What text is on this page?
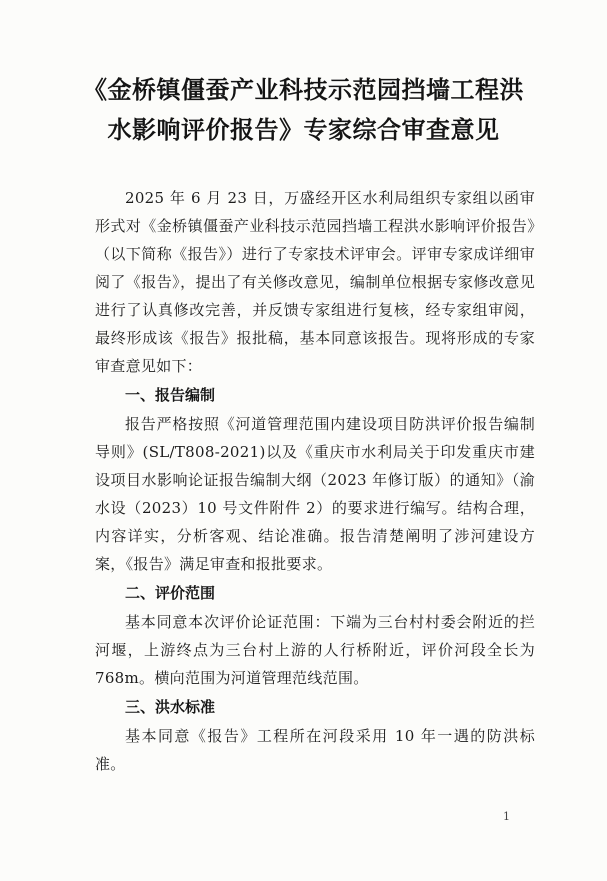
《金桥镇僵蚕产业科技示范园挡墙工程洪
水影响评价报告》专家综合审查意见

2025 年 6 月 23 日，万盛经开区水利局组织专家组以函审形式对《金桥镇僵蚕产业科技示范园挡墙工程洪水影响评价报告》（以下简称《报告》）进行了专家技术评审会。评审专家成详细审阅了《报告》，提出了有关修改意见，编制单位根据专家修改意见进行了认真修改完善，并反馈专家组进行复核，经专家组审阅，最终形成该《报告》报批稿，基本同意该报告。现将形成的专家审查意见如下：

一、报告编制

报告严格按照《河道管理范围内建设项目防洪评价报告编制导则》(SL/T808-2021)以及《重庆市水利局关于印发重庆市建设项目水影响论证报告编制大纲（2023 年修订版）的通知》（渝水设（2023）10 号文件附件 2）的要求进行编写。结构合理，内容详实，分析客观、结论准确。报告清楚阐明了涉河建设方案，《报告》满足审查和报批要求。

二、评价范围

基本同意本次评价论证范围：下端为三台村村委会附近的拦河堰，上游终点为三台村上游的人行桥附近，评价河段全长为 768m。横向范围为河道管理范线范围。

三、洪水标准

基本同意《报告》工程所在河段采用 10 年一遇的防洪标准。

1
